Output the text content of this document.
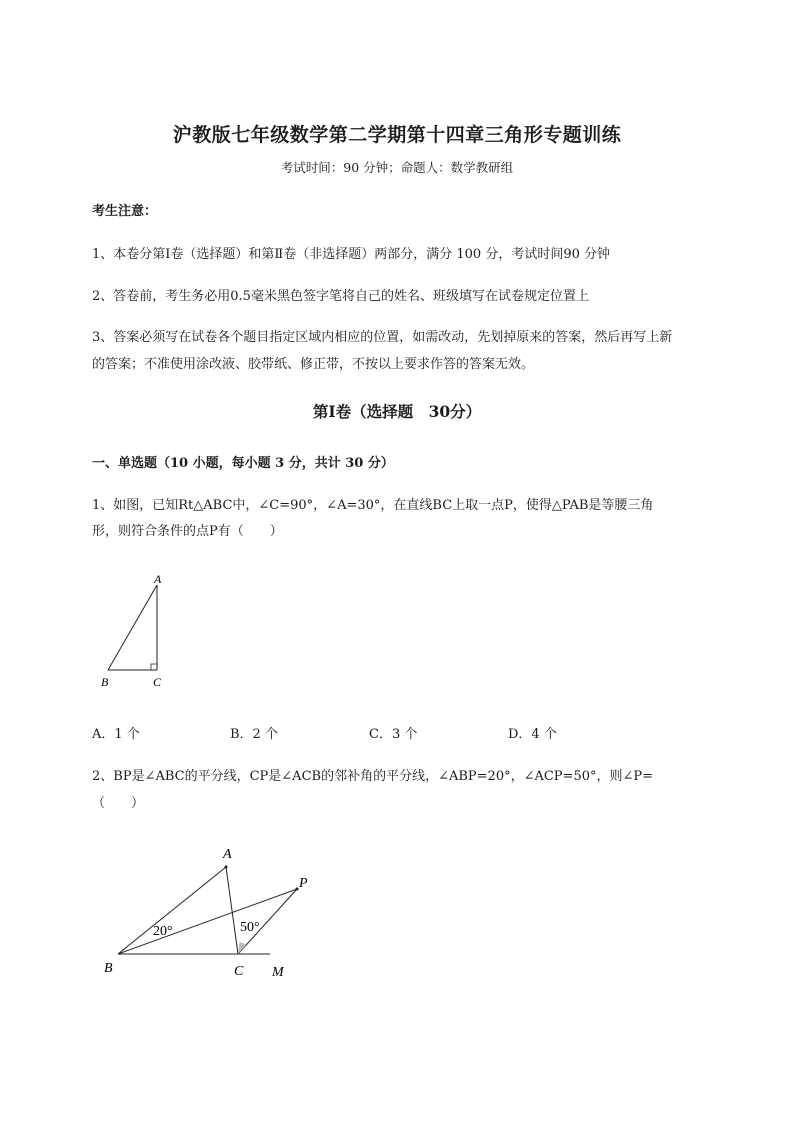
沪教版七年级数学第二学期第十四章三角形专题训练
考试时间：90 分钟；命题人：数学教研组
考生注意：
1、本卷分第Ⅰ卷（选择题）和第Ⅱ卷（非选择题）两部分，满分 100 分，考试时间90 分钟
2、答卷前，考生务必用0.5毫米黑色签字笔将自己的姓名、班级填写在试卷规定位置上
3、答案必须写在试卷各个题目指定区域内相应的位置，如需改动，先划掉原来的答案，然后再写上新
的答案；不准使用涂改液、胶带纸、修正带，不按以上要求作答的答案无效。
第Ⅰ卷（选择题　30分）
一、单选题（10 小题，每小题 3 分，共计 30 分）
1、如图，已知Rt△ABC中，∠C=90°，∠A=30°，在直线BC上取一点P，使得△PAB是等腰三角
形，则符合条件的点P有（　　）
A
B	C
A．1 个	B．2 个	C．3 个	D．4 个
2、BP是∠ABC的平分线，CP是∠ACB的邻补角的平分线，∠ABP=20°，∠ACP=50°，则∠P=
（　　）
A
P
B	C M
20°	50°
